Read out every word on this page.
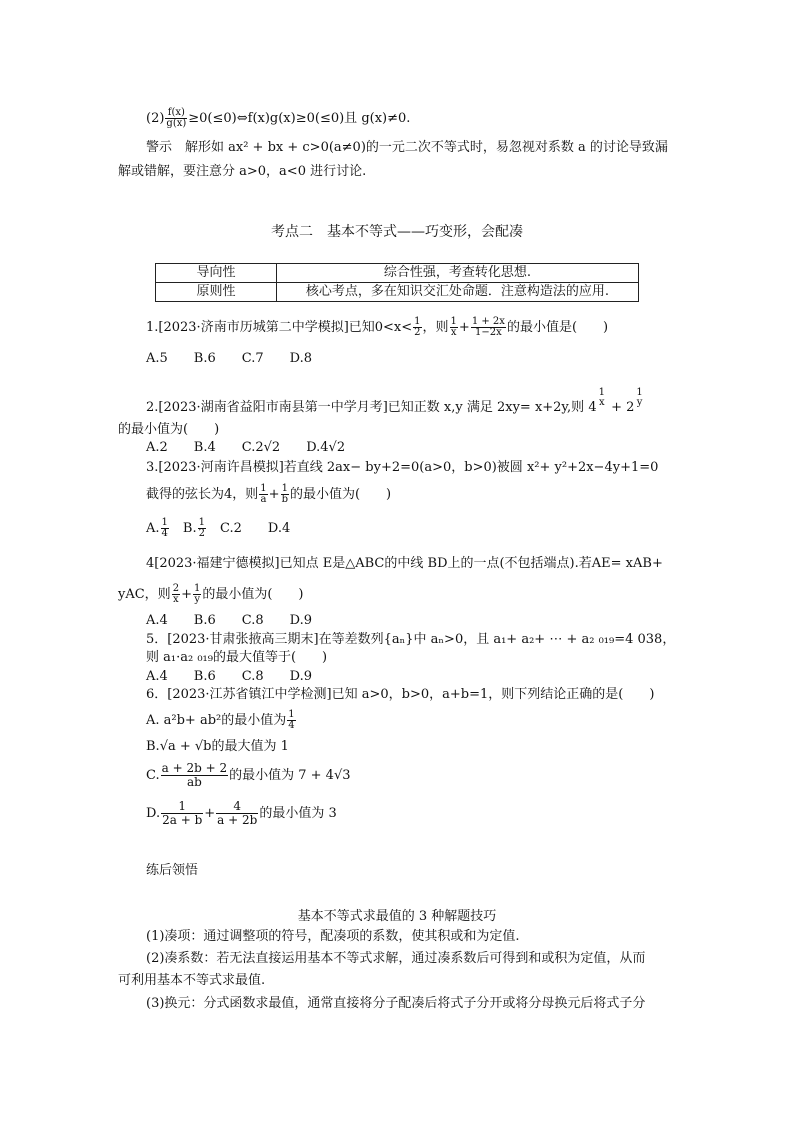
$(2) \frac{f(x)}{g(x)}$ ≥0(≤0)⇔f(x)g(x)≥0(≤0)且 g(x)≠0.
警示　解形如 ax² + bx + c>0(a≠0)的一元二次不等式时，易忽视对系数 a 的讨论导致漏
解或错解，要注意分 a>0，a<0 进行讨论.
考点二　基本不等式——巧变形，会配凑
导向性	综合性强，考查转化思想.
原则性	核心考点，多在知识交汇处命题．注意构造法的应用.
1.[2023·济南市历城第二中学模拟]已知$0<x< \frac{1}{2}$ ，则 $\frac{1}{x} + \frac{1 + 2x}{1-2x}$ 的最小值是(　　)
A.5　　B.6　　C.7　　D.8
2.[2023·湖南省益阳市南县第一中学月考]已知正数 x,y 满足 2xy= x+2y,则 4
1
x + 2
1
y
的最小值为(　　)
A.2　　B.4　　C.2√2　　D.4√2
3.[2023·河南许昌模拟]若直线 2ax− by+2=0(a>0，b>0)被圆 x²+ y²+2x−4y+1=0
截得的弦长为4，则 $\frac{1}{a} + \frac{1}{b}$ 的最小值为(　　)
A. $\frac{1}{4}$ 　B. $\frac{1}{2}$ 　C.2　　D.4
4[2023·福建宁德模拟]已知点 E是△ABC的中线 BD上的一点(不包括端点).若AE= xAB+
yAC，则 $\frac{2}{x} + \frac{1}{y}$ 的最小值为(　　)
A.4　　B.6　　C.8　　D.9
5．[2023·甘肃张掖高三期末]在等差数列{aₙ}中 aₙ>0，且 a₁+ a₂+ ⋯ + a₂ ₀₁₉=4 038，
则 a₁·a₂ ₀₁₉的最大值等于(　　)
A.4　　B.6　　C.8　　D.9
6．[2023·江苏省镇江中学检测]已知 a>0，b>0，a+b=1，则下列结论正确的是(　　)
A. a²b+ ab²的最小值为 $\frac{1}{4}$
B.√a + √b的最大值为 1
C. $\frac{a + 2b + 2}{ab}$ 的最小值为 7 + 4√3
D. $\frac{1}{2a + b} + \frac{4}{a + 2b}$ 的最小值为 3
练后领悟
基本不等式求最值的 3 种解题技巧
(1)凑项：通过调整项的符号，配凑项的系数，使其积或和为定值.
(2)凑系数：若无法直接运用基本不等式求解，通过凑系数后可得到和或积为定值，从而
可利用基本不等式求最值.
(3)换元：分式函数求最值，通常直接将分子配凑后将式子分开或将分母换元后将式子分
